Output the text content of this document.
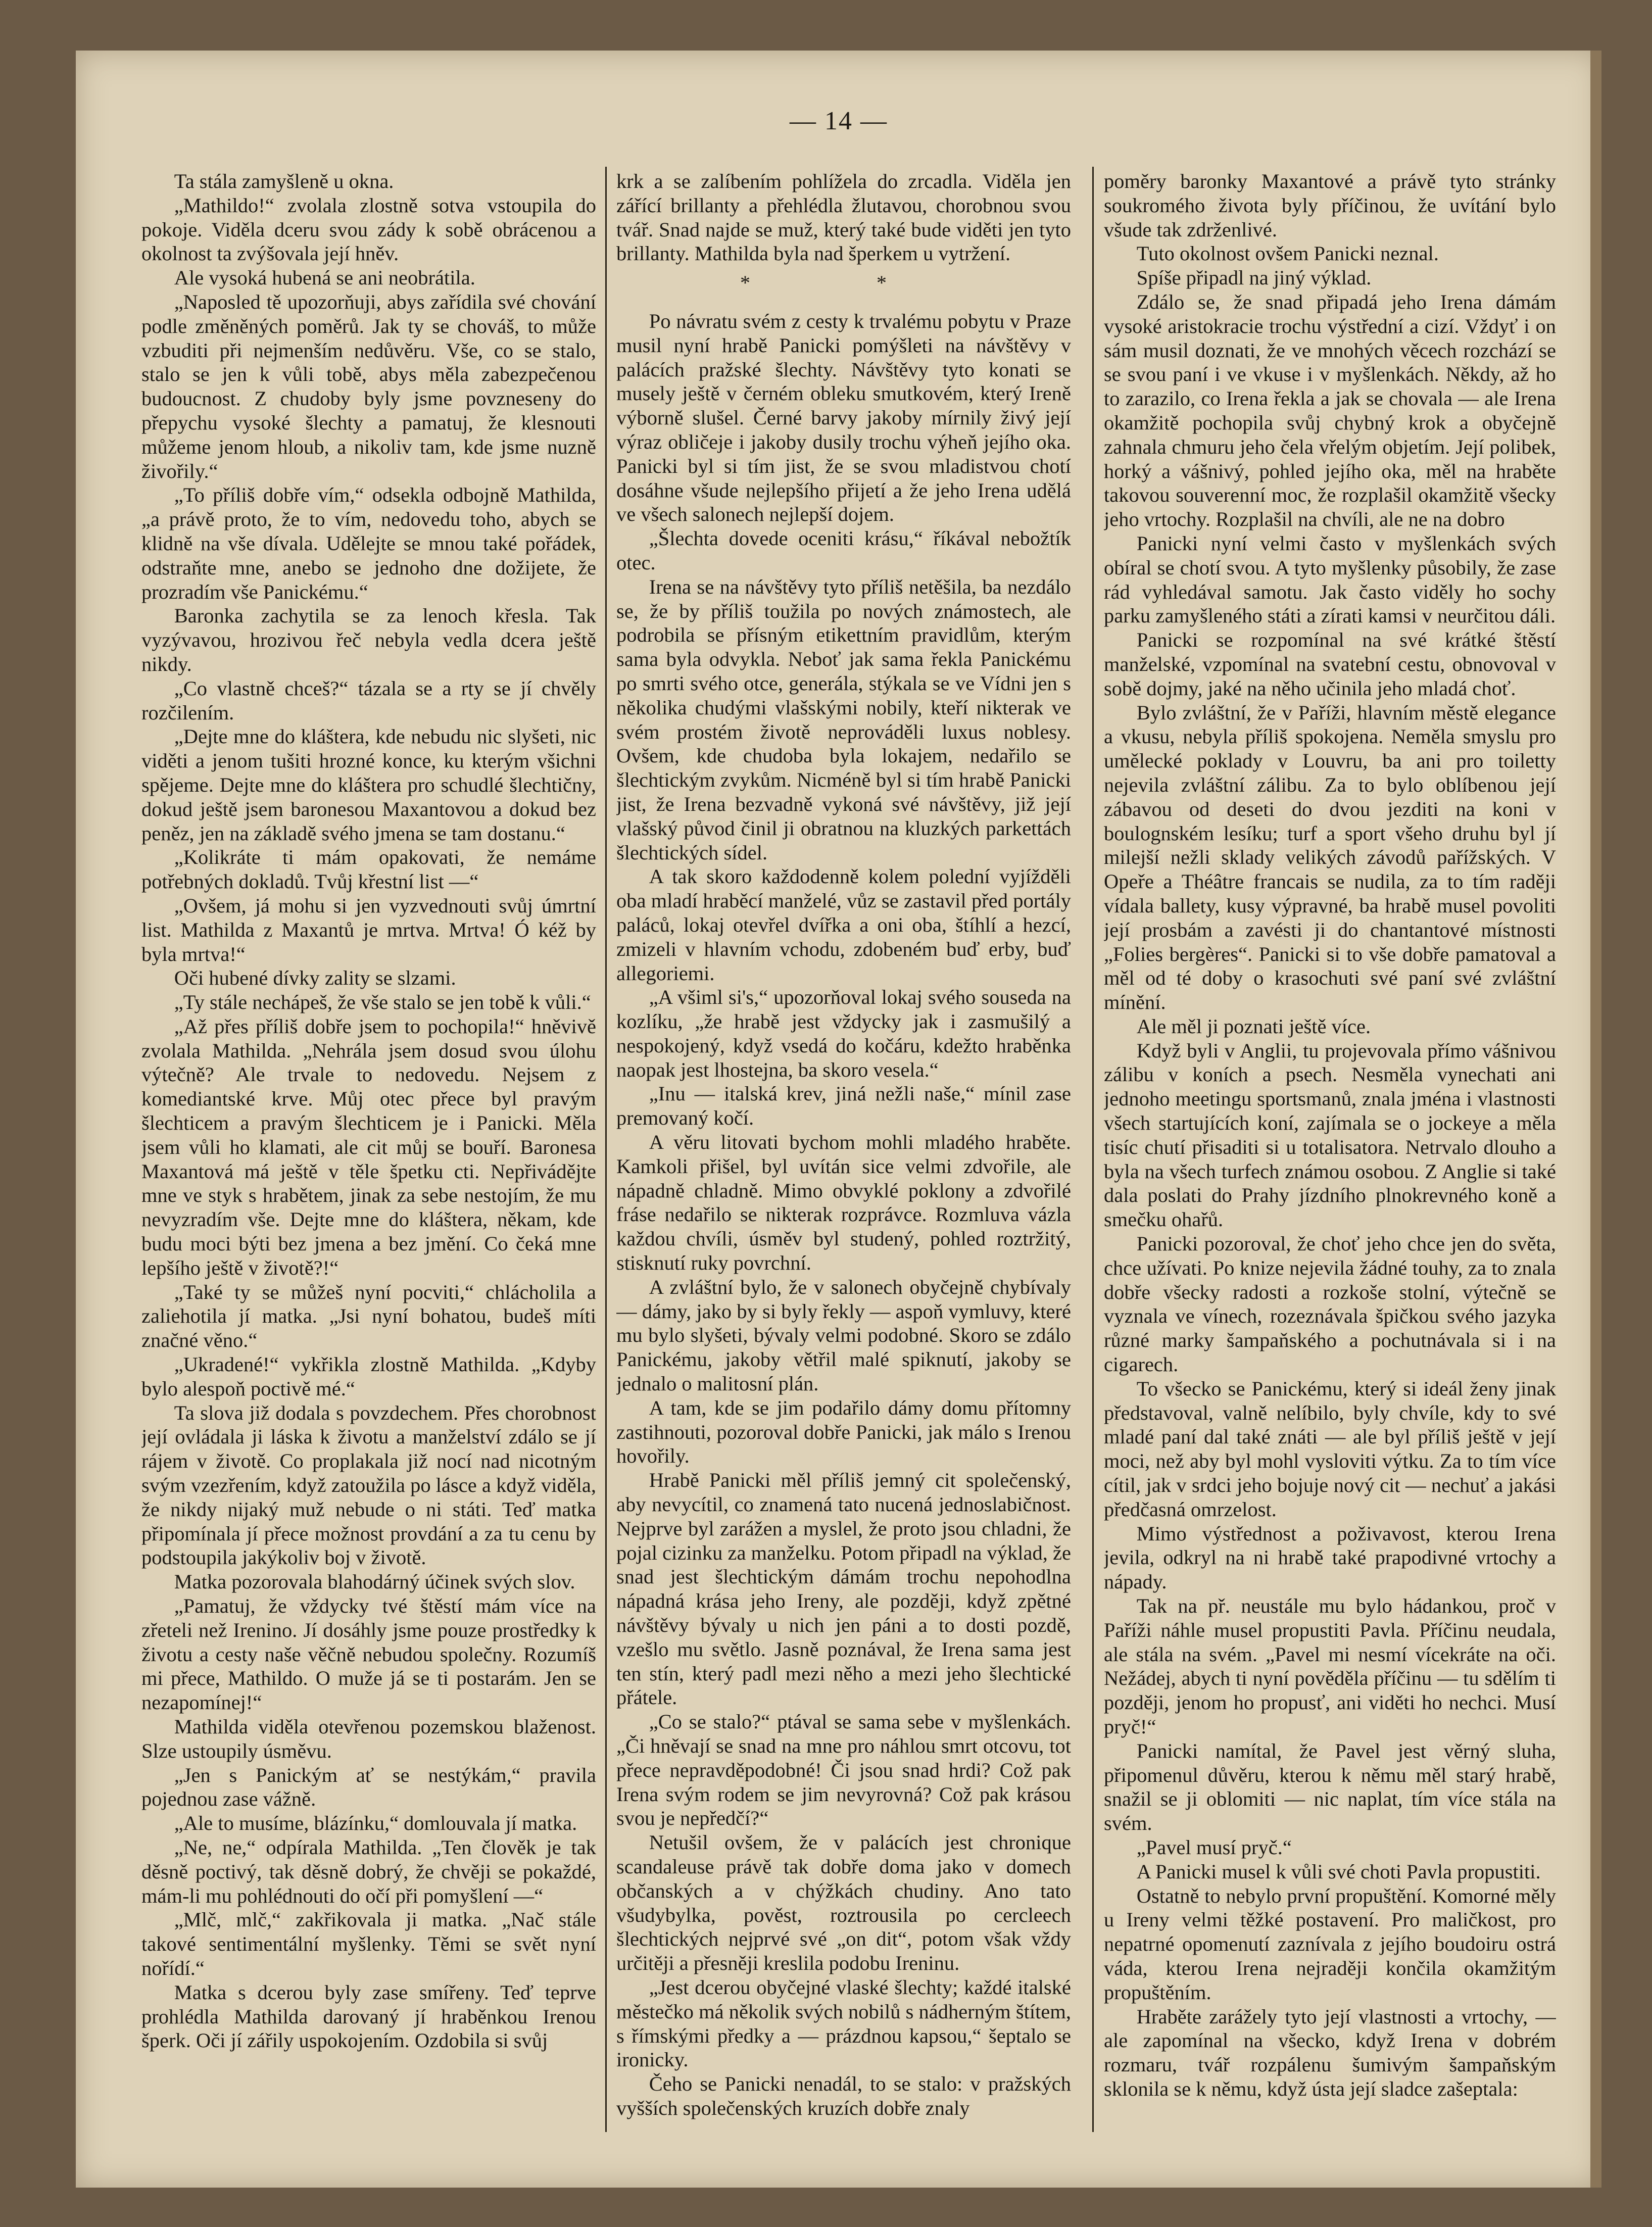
— 14 —

Ta stála zamyšleně u okna.

„Mathildo!“ zvolala zlostně sotva vstoupila do pokoje. Viděla dceru svou zády k sobě obrácenou a okolnost ta zvýšovala její hněv.

Ale vysoká hubená se ani neobrátila.

„Naposled tě upozorňuji, abys zařídila své chování podle změněných poměrů. Jak ty se chováš, to může vzbuditi při nejmenším nedůvěru. Vše, co se stalo, stalo se jen k vůli tobě, abys měla zabezpečenou budoucnost. Z chudoby byly jsme povzneseny do přepychu vysoké šlechty a pamatuj, že klesnouti můžeme jenom hloub, a nikoliv tam, kde jsme nuzně živořily.“

„To příliš dobře vím,“ odsekla odbojně Mathilda, „a právě proto, že to vím, nedovedu toho, abych se klidně na vše dívala. Udělejte se mnou také pořádek, odstraňte mne, anebo se jednoho dne dožijete, že prozradím vše Panickému.“

Baronka zachytila se za lenoch křesla. Tak vyzývavou, hrozivou řeč nebyla vedla dcera ještě nikdy.

„Co vlastně chceš?“ tázala se a rty se jí chvěly rozčilením.

„Dejte mne do kláštera, kde nebudu nic slyšeti, nic viděti a jenom tušiti hrozné konce, ku kterým všichni spějeme. Dejte mne do kláštera pro schudlé šlechtičny, dokud ještě jsem baronesou Maxantovou a dokud bez peněz, jen na základě svého jmena se tam dostanu.“

„Kolikráte ti mám opakovati, že nemáme potřebných dokladů. Tvůj křestní list —“

„Ovšem, já mohu si jen vyzvednouti svůj úmrtní list. Mathilda z Maxantů je mrtva. Mrtva! Ó kéž by byla mrtva!“

Oči hubené dívky zality se slzami.

„Ty stále nechápeš, že vše stalo se jen tobě k vůli.“

„Až přes příliš dobře jsem to pochopila!“ hněvivě zvolala Mathilda. „Nehrála jsem dosud svou úlohu výtečně? Ale trvale to nedovedu. Nejsem z komediantské krve. Můj otec přece byl pravým šlechticem a pravým šlechticem je i Panicki. Měla jsem vůli ho klamati, ale cit můj se bouří. Baronesa Maxantová má ještě v těle špetku cti. Nepřivádějte mne ve styk s hrabětem, jinak za sebe nestojím, že mu nevyzradím vše. Dejte mne do kláštera, někam, kde budu moci býti bez jmena a bez jmění. Co čeká mne lepšího ještě v životě?!“

„Také ty se můžeš nyní pocviti,“ chlácholila a zaliehotila jí matka. „Jsi nyní bohatou, budeš míti značné věno.“

„Ukradené!“ vykřikla zlostně Mathilda. „Kdyby bylo alespoň poctivě mé.“

Ta slova již dodala s povzdechem. Přes chorobnost její ovládala ji láska k životu a manželství zdálo se jí rájem v životě. Co proplakala již nocí nad nicotným svým vzezřením, když zatoužila po lásce a když viděla, že nikdy nijaký muž nebude o ni státi. Teď matka připomínala jí přece možnost provdání a za tu cenu by podstoupila jakýkoliv boj v životě.

Matka pozorovala blahodárný účinek svých slov.

„Pamatuj, že vždycky tvé štěstí mám více na zřeteli než Irenino. Jí dosáhly jsme pouze prostředky k životu a cesty naše věčně nebudou společny. Rozumíš mi přece, Mathildo. O muže já se ti postarám. Jen se nezapomínej!“

Mathilda viděla otevřenou pozemskou blaženost. Slze ustoupily úsměvu.

„Jen s Panickým ať se nestýkám,“ pravila pojednou zase vážně.

„Ale to musíme, blázínku,“ domlouvala jí matka.

„Ne, ne,“ odpírala Mathilda. „Ten člověk je tak děsně poctivý, tak děsně dobrý, že chvěji se pokaždé, mám-li mu pohlédnouti do očí při pomyšlení —“

„Mlč, mlč,“ zakřikovala ji matka. „Nač stále takové sentimentální myšlenky. Těmi se svět nyní nořídí.“

Matka s dcerou byly zase smířeny. Teď teprve prohlédla Mathilda darovaný jí hraběnkou Irenou šperk. Oči jí zářily uspokojením. Ozdobila si svůj

krk a se zalíbením pohlížela do zrcadla. Viděla jen zářící brillanty a přehlédla žlutavou, chorobnou svou tvář. Snad najde se muž, který také bude viděti jen tyto brillanty. Mathilda byla nad šperkem u vytržení.

* *

Po návratu svém z cesty k trvalému pobytu v Praze musil nyní hrabě Panicki pomýšleti na návštěvy v palácích pražské šlechty. Návštěvy tyto konati se musely ještě v černém obleku smutkovém, který Ireně výborně slušel. Černé barvy jakoby mírnily živý její výraz obličeje i jakoby dusily trochu výheň jejího oka. Panicki byl si tím jist, že se svou mladistvou chotí dosáhne všude nejlepšího přijetí a že jeho Irena udělá ve všech salonech nejlepší dojem.

„Šlechta dovede oceniti krásu,“ říkával nebožtík otec.

Irena se na návštěvy tyto příliš netěšila, ba nezdálo se, že by příliš toužila po nových známostech, ale podrobila se přísným etikettním pravidlům, kterým sama byla odvykla. Neboť jak sama řekla Panickému po smrti svého otce, generála, stýkala se ve Vídni jen s několika chudými vlašskými nobily, kteří nikterak ve svém prostém životě neprováděli luxus noblesy. Ovšem, kde chudoba byla lokajem, nedařilo se šlechtickým zvykům. Nicméně byl si tím hrabě Panicki jist, že Irena bezvadně vykoná své návštěvy, již její vlašský původ činil ji obratnou na kluzkých parkettách šlechtických sídel.

A tak skoro každodenně kolem polední vyjížděli oba mladí hraběcí manželé, vůz se zastavil před portály paláců, lokaj otevřel dvířka a oni oba, štíhlí a hezcí, zmizeli v hlavním vchodu, zdobeném buď erby, buď allegoriemi.

„A všiml si's,“ upozorňoval lokaj svého souseda na kozlíku, „že hrabě jest vždycky jak i zasmušilý a nespokojený, když vsedá do kočáru, kdežto hraběnka naopak jest lhostejna, ba skoro vesela.“

„Inu — italská krev, jiná nežli naše,“ mínil zase premovaný kočí.

A věru litovati bychom mohli mladého hraběte. Kamkoli přišel, byl uvítán sice velmi zdvořile, ale nápadně chladně. Mimo obvyklé poklony a zdvořilé fráse nedařilo se nikterak rozprávce. Rozmluva vázla každou chvíli, úsměv byl studený, pohled roztržitý, stisknutí ruky povrchní.

A zvláštní bylo, že v salonech obyčejně chybívaly — dámy, jako by si byly řekly — aspoň vymluvy, které mu bylo slyšeti, bývaly velmi podobné. Skoro se zdálo Panickému, jakoby větřil malé spiknutí, jakoby se jednalo o malitosní plán.

A tam, kde se jim podařilo dámy domu přítomny zastihnouti, pozoroval dobře Panicki, jak málo s Irenou hovořily.

Hrabě Panicki měl příliš jemný cit společenský, aby nevycítil, co znamená tato nucená jednoslabičnost. Nejprve byl zarážen a myslel, že proto jsou chladni, že pojal cizinku za manželku. Potom připadl na výklad, že snad jest šlechtickým dámám trochu nepohodlna nápadná krása jeho Ireny, ale později, když zpětné návštěvy bývaly u nich jen páni a to dosti pozdě, vzešlo mu světlo. Jasně poznával, že Irena sama jest ten stín, který padl mezi něho a mezi jeho šlechtické přátele.

„Co se stalo?“ ptával se sama sebe v myšlenkách. „Či hněvají se snad na mne pro náhlou smrt otcovu, tot přece nepravděpodobné! Či jsou snad hrdi? Což pak Irena svým rodem se jim nevyrovná? Což pak krásou svou je nepředčí?“

Netušil ovšem, že v palácích jest chronique scandaleuse právě tak dobře doma jako v domech občanských a v chýžkách chudiny. Ano tato všudybylka, pověst, roztrousila po cercleech šlechtických nejprvé své „on dit“, potom však vždy určitěji a přesněji kreslila podobu Ireninu.

„Jest dcerou obyčejné vlaské šlechty; každé italské městečko má několik svých nobilů s nádherným štítem, s římskými předky a — prázdnou kapsou,“ šeptalo se ironicky.

Čeho se Panicki nenadál, to se stalo: v pražských vyšších společenských kruzích dobře znaly

poměry baronky Maxantové a právě tyto stránky soukromého života byly příčinou, že uvítání bylo všude tak zdrženlivé.

Tuto okolnost ovšem Panicki neznal.

Spíše připadl na jiný výklad.

Zdálo se, že snad připadá jeho Irena dámám vysoké aristokracie trochu výstřední a cizí. Vždyť i on sám musil doznati, že ve mnohých věcech rozchází se se svou paní i ve vkuse i v myšlenkách. Někdy, až ho to zarazilo, co Irena řekla a jak se chovala — ale Irena okamžitě pochopila svůj chybný krok a obyčejně zahnala chmuru jeho čela vřelým objetím. Její polibek, horký a vášnivý, pohled jejího oka, měl na hraběte takovou souverenní moc, že rozplašil okamžitě všecky jeho vrtochy. Rozplašil na chvíli, ale ne na dobro

Panicki nyní velmi často v myšlenkách svých obíral se chotí svou. A tyto myšlenky působily, že zase rád vyhledával samotu. Jak často viděly ho sochy parku zamyšleného státi a zírati kamsi v neurčitou dáli.

Panicki se rozpomínal na své krátké štěstí manželské, vzpomínal na svatební cestu, obnovoval v sobě dojmy, jaké na něho učinila jeho mladá choť.

Bylo zvláštní, že v Paříži, hlavním městě elegance a vkusu, nebyla příliš spokojena. Neměla smyslu pro umělecké poklady v Louvru, ba ani pro toiletty nejevila zvláštní zálibu. Za to bylo oblíbenou její zábavou od deseti do dvou jezditi na koni v boulognském lesíku; turf a sport všeho druhu byl jí milejší nežli sklady velikých závodů pařížských. V Opeře a Théâtre francais se nudila, za to tím raději vídala ballety, kusy výpravné, ba hrabě musel povoliti její prosbám a zavésti ji do chantantové místnosti „Folies bergères“. Panicki si to vše dobře pamatoval a měl od té doby o krasochuti své paní své zvláštní mínění.

Ale měl ji poznati ještě více.

Když byli v Anglii, tu projevovala přímo vášnivou zálibu v koních a psech. Nesměla vynechati ani jednoho meetingu sportsmanů, znala jména i vlastnosti všech startujících koní, zajímala se o jockeye a měla tisíc chutí přisaditi si u totalisatora. Netrvalo dlouho a byla na všech turfech známou osobou. Z Anglie si také dala poslati do Prahy jízdního plnokrevného koně a smečku ohařů.

Panicki pozoroval, že choť jeho chce jen do světa, chce užívati. Po knize nejevila žádné touhy, za to znala dobře všecky radosti a rozkoše stolní, výtečně se vyznala ve vínech, rozeznávala špičkou svého jazyka různé marky šampaňského a pochutnávala si i na cigarech.

To všecko se Panickému, který si ideál ženy jinak představoval, valně nelíbilo, byly chvíle, kdy to své mladé paní dal také znáti — ale byl příliš ještě v její moci, než aby byl mohl vysloviti výtku. Za to tím více cítil, jak v srdci jeho bojuje nový cit — nechuť a jakási předčasná omrzelost.

Mimo výstřednost a poživavost, kterou Irena jevila, odkryl na ni hrabě také prapodivné vrtochy a nápady.

Tak na př. neustále mu bylo hádankou, proč v Paříži náhle musel propustiti Pavla. Příčinu neudala, ale stála na svém. „Pavel mi nesmí vícekráte na oči. Nežádej, abych ti nyní pověděla příčinu — tu sdělím ti později, jenom ho propusť, ani viděti ho nechci. Musí pryč!“

Panicki namítal, že Pavel jest věrný sluha, připomenul důvěru, kterou k němu měl starý hrabě, snažil se ji oblomiti — nic naplat, tím více stála na svém.

„Pavel musí pryč.“

A Panicki musel k vůli své choti Pavla propustiti.

Ostatně to nebylo první propuštění. Komorné měly u Ireny velmi těžké postavení. Pro maličkost, pro nepatrné opomenutí zaznívala z jejího boudoiru ostrá váda, kterou Irena nejraději končila okamžitým propuštěním.

Hraběte zarážely tyto její vlastnosti a vrtochy, — ale zapomínal na všecko, když Irena v dobrém rozmaru, tvář rozpálenu šumivým šampaňským sklonila se k němu, když ústa její sladce zašeptala:
